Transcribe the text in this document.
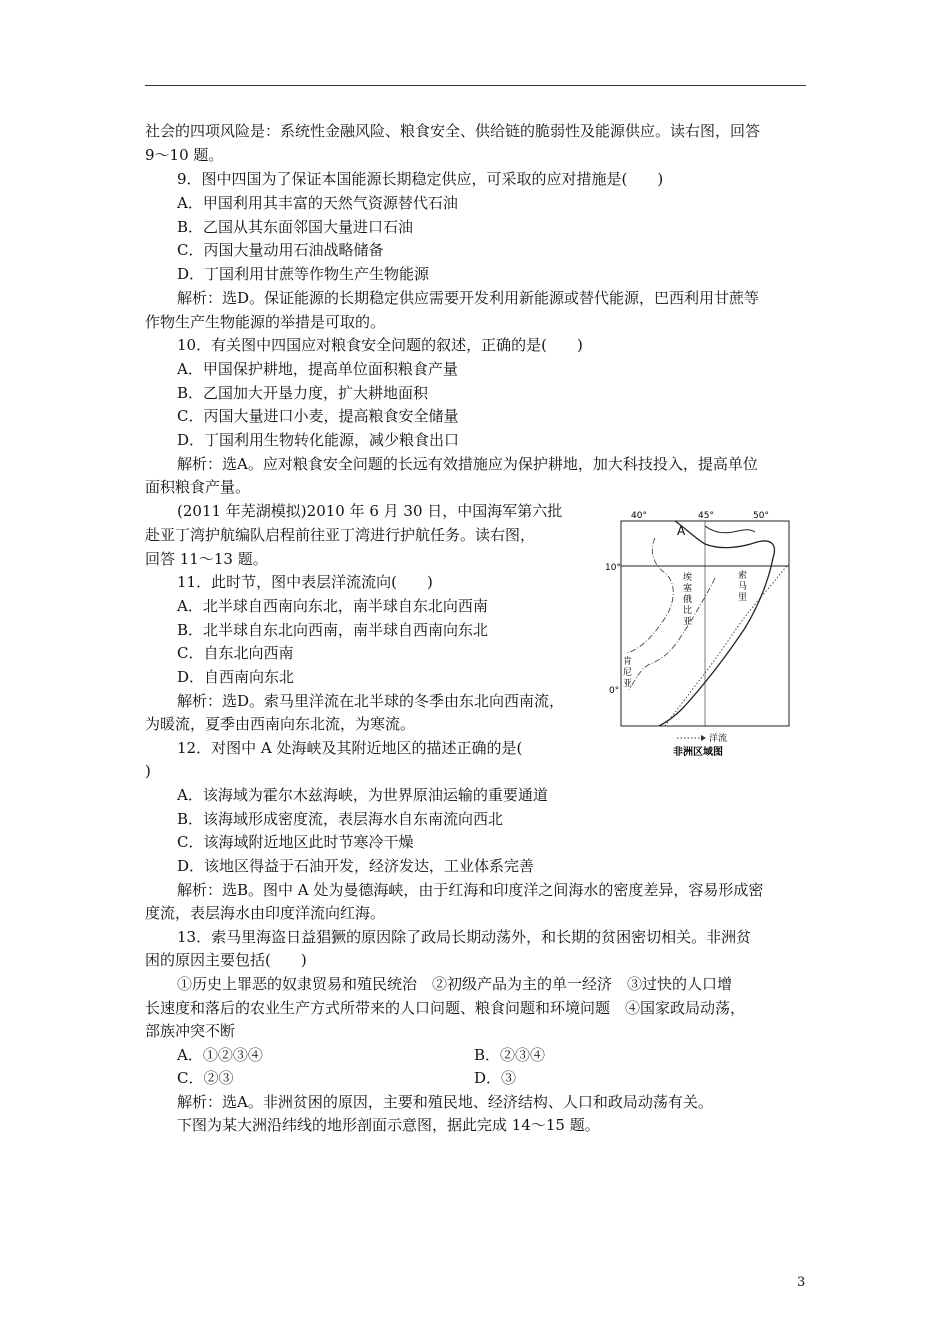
社会的四项风险是：系统性金融风险、粮食安全、供给链的脆弱性及能源供应。读右图，回答
9～10 题。
9．图中四国为了保证本国能源长期稳定供应，可采取的应对措施是(　　)
A．甲国利用其丰富的天然气资源替代石油
B．乙国从其东面邻国大量进口石油
C．丙国大量动用石油战略储备
D．丁国利用甘蔗等作物生产生物能源
解析：选D。保证能源的长期稳定供应需要开发利用新能源或替代能源，巴西利用甘蔗等
作物生产生物能源的举措是可取的。
10．有关图中四国应对粮食安全问题的叙述，正确的是(　　)
A．甲国保护耕地，提高单位面积粮食产量
B．乙国加大开垦力度，扩大耕地面积
C．丙国大量进口小麦，提高粮食安全储量
D．丁国利用生物转化能源，减少粮食出口
解析：选A。应对粮食安全问题的长远有效措施应为保护耕地，加大科技投入，提高单位
面积粮食产量。
(2011 年芜湖模拟)2010 年 6 月 30 日，中国海军第六批
赴亚丁湾护航编队启程前往亚丁湾进行护航任务。读右图，
回答 11～13 题。
11．此时节，图中表层洋流流向(　　)
A．北半球自西南向东北，南半球自东北向西南
B．北半球自东北向西南，南半球自西南向东北
C．自东北向西南
D．自西南向东北
解析：选D。索马里洋流在北半球的冬季由东北向西南流，
为暖流，夏季由西南向东北流，为寒流。
12．对图中 A 处海峡及其附近地区的描述正确的是(
)
A．该海域为霍尔木兹海峡，为世界原油运输的重要通道
B．该海域形成密度流，表层海水自东南流向西北
C．该海域附近地区此时节寒冷干燥
D．该地区得益于石油开发，经济发达，工业体系完善
解析：选B。图中 A 处为曼德海峡，由于红海和印度洋之间海水的密度差异，容易形成密
度流，表层海水由印度洋流向红海。
13．索马里海盗日益猖獗的原因除了政局长期动荡外，和长期的贫困密切相关。非洲贫
困的原因主要包括(　　)
①历史上罪恶的奴隶贸易和殖民统治　②初级产品为主的单一经济　③过快的人口增
长速度和落后的农业生产方式所带来的人口问题、粮食问题和环境问题　④国家政局动荡，
部族冲突不断
A．①②③④	B．②③④
C．②③	D．③
解析：选A。非洲贫困的原因，主要和殖民地、经济结构、人口和政局动荡有关。
下图为某大洲沿纬线的地形剖面示意图，据此完成 14～15 题。
40°	45°	50°
10°
0°
A
埃
塞
俄
比
亚
索
马
里
肯
尼
亚
洋流
非洲区域图
3
